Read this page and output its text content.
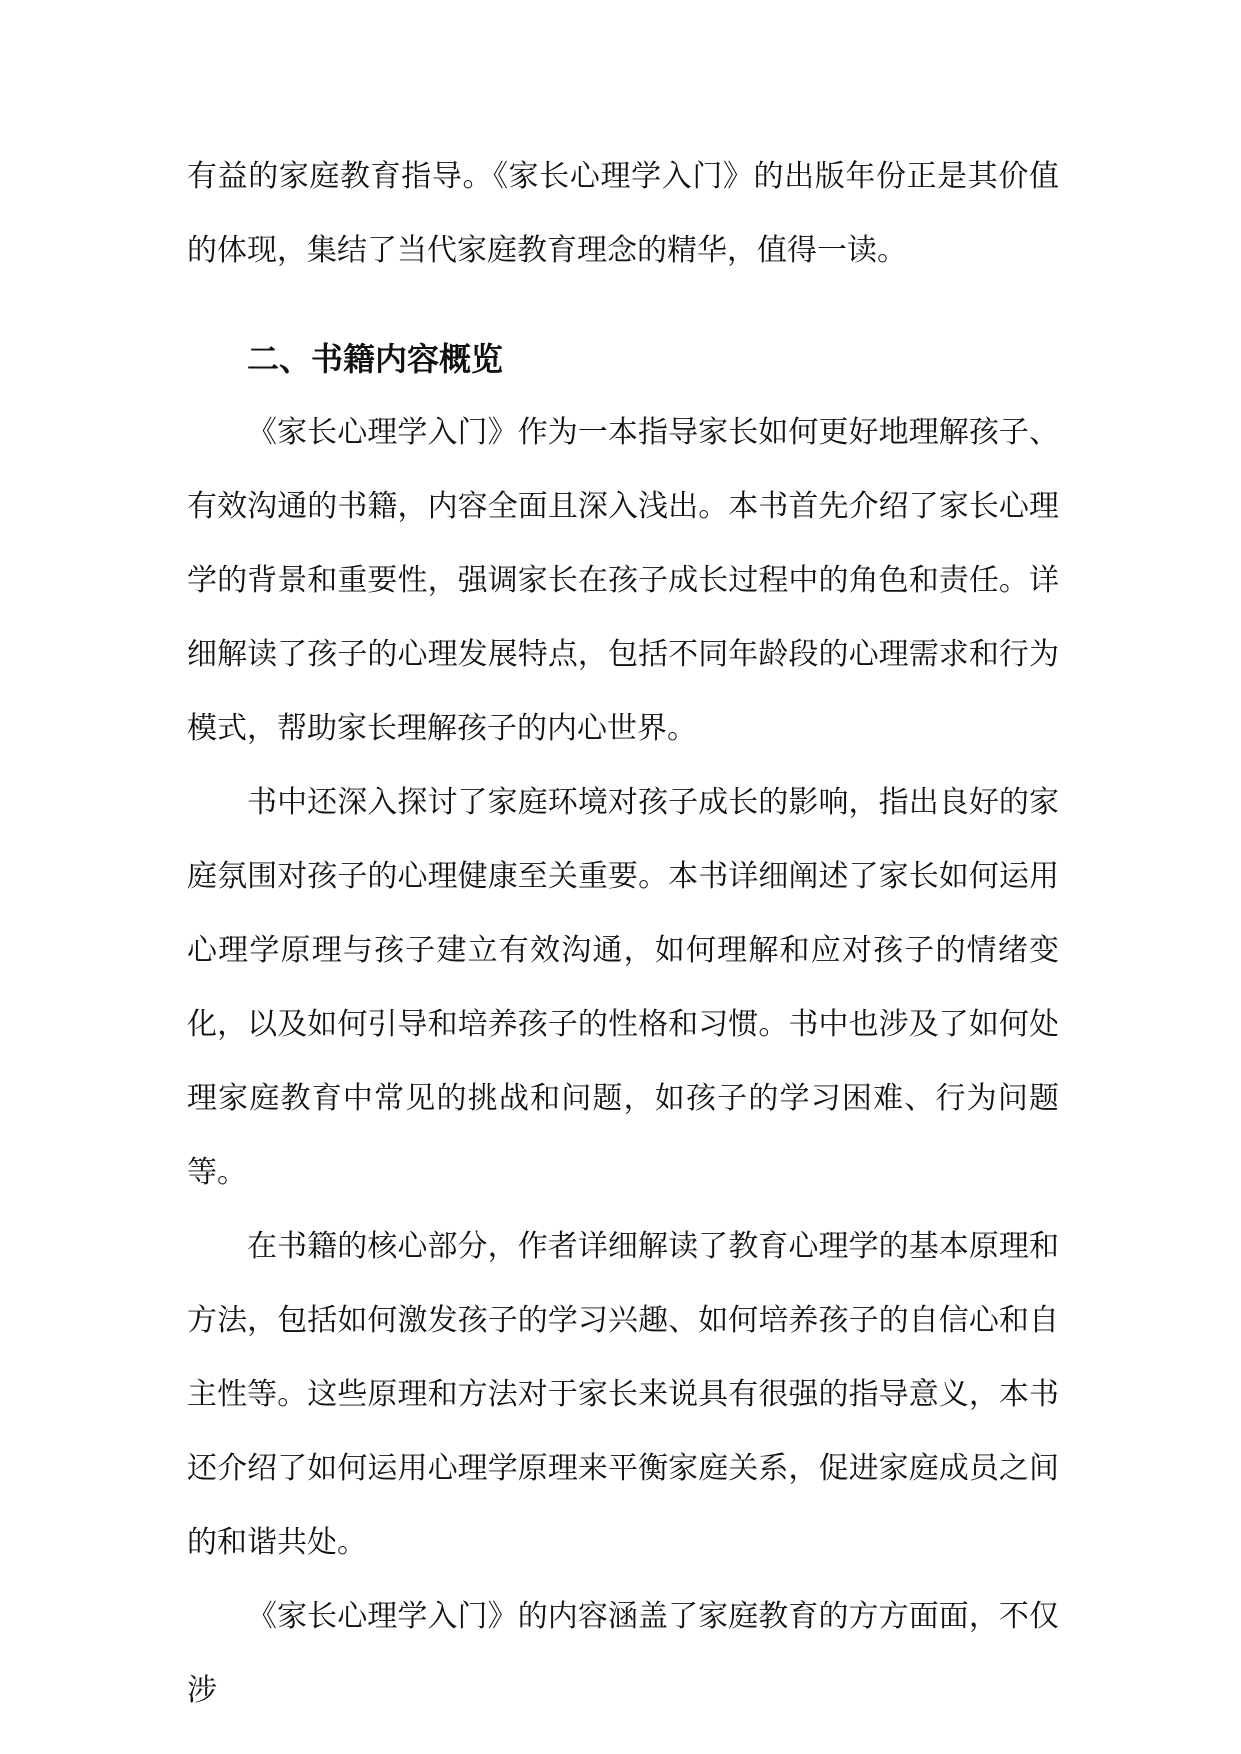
有益的家庭教育指导。《家长心理学入门》的出版年份正是其价值的体现，集结了当代家庭教育理念的精华，值得一读。

二、书籍内容概览

《家长心理学入门》作为一本指导家长如何更好地理解孩子、有效沟通的书籍，内容全面且深入浅出。本书首先介绍了家长心理学的背景和重要性，强调家长在孩子成长过程中的角色和责任。详细解读了孩子的心理发展特点，包括不同年龄段的心理需求和行为模式，帮助家长理解孩子的内心世界。

书中还深入探讨了家庭环境对孩子成长的影响，指出良好的家庭氛围对孩子的心理健康至关重要。本书详细阐述了家长如何运用心理学原理与孩子建立有效沟通，如何理解和应对孩子的情绪变化，以及如何引导和培养孩子的性格和习惯。书中也涉及了如何处理家庭教育中常见的挑战和问题，如孩子的学习困难、行为问题等。

在书籍的核心部分，作者详细解读了教育心理学的基本原理和方法，包括如何激发孩子的学习兴趣、如何培养孩子的自信心和自主性等。这些原理和方法对于家长来说具有很强的指导意义，本书还介绍了如何运用心理学原理来平衡家庭关系，促进家庭成员之间的和谐共处。

《家长心理学入门》的内容涵盖了家庭教育的方方面面，不仅涉
